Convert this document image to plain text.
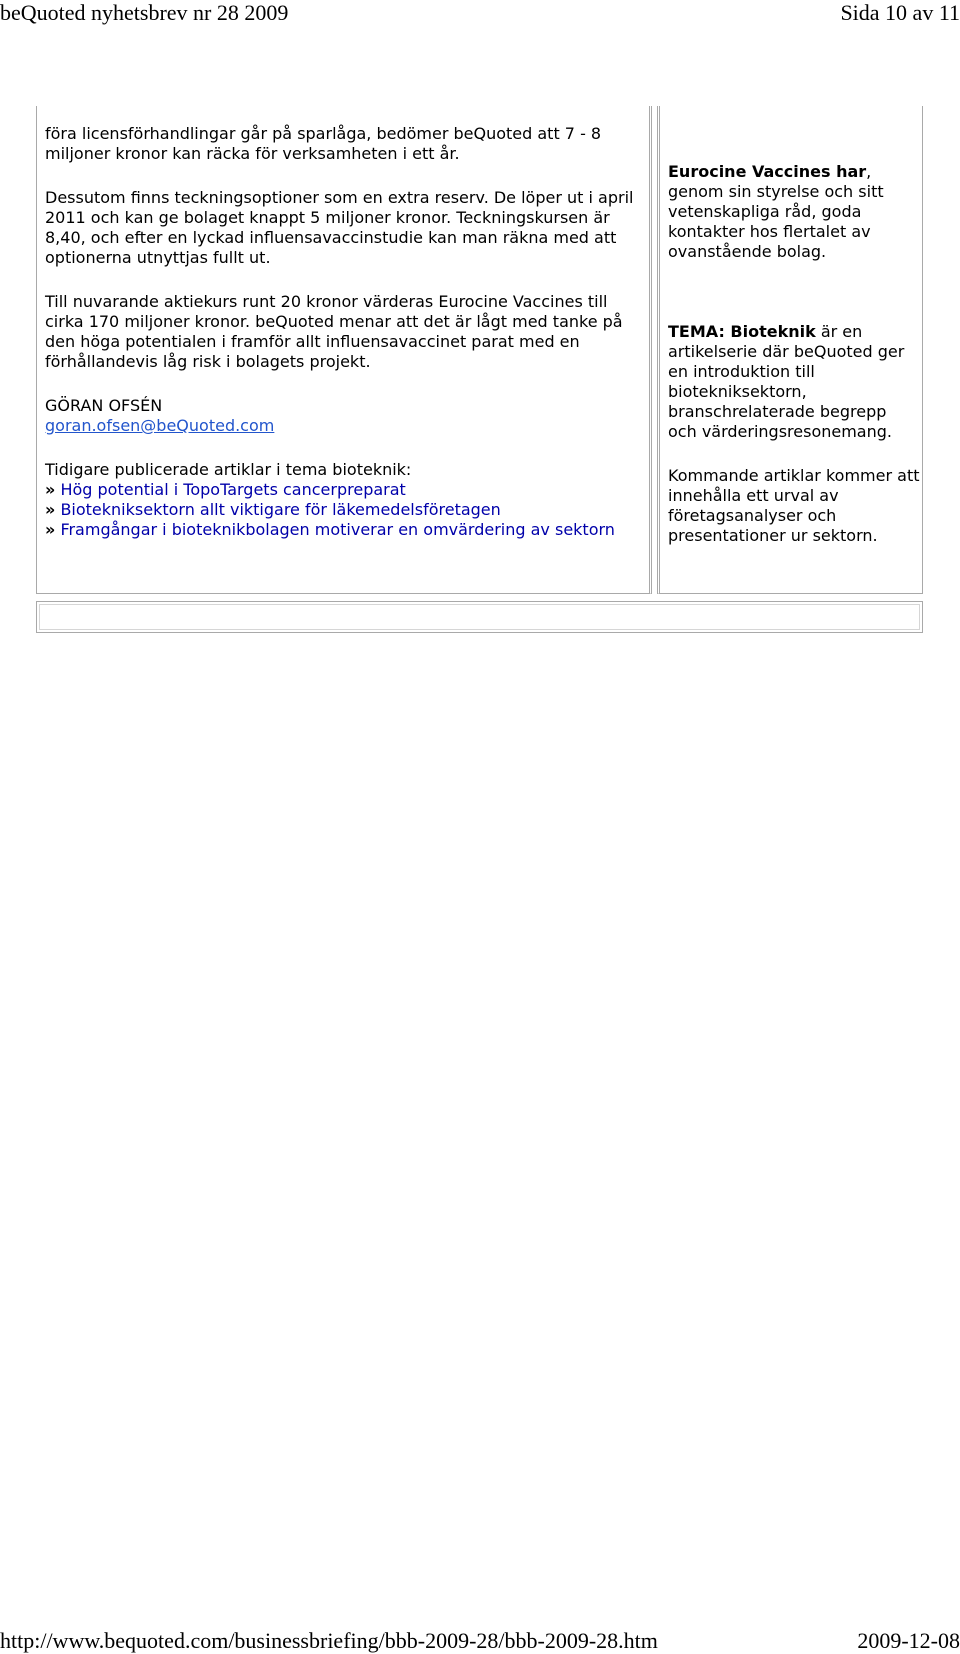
beQuoted nyhetsbrev nr 28 2009	Sida 10 av 11

föra licensförhandlingar går på sparlåga, bedömer beQuoted att 7 - 8 miljoner kronor kan räcka för verksamheten i ett år.

Dessutom finns teckningsoptioner som en extra reserv. De löper ut i april 2011 och kan ge bolaget knappt 5 miljoner kronor. Teckningskursen är 8,40, och efter en lyckad influensavaccinstudie kan man räkna med att optionerna utnyttjas fullt ut.

Till nuvarande aktiekurs runt 20 kronor värderas Eurocine Vaccines till cirka 170 miljoner kronor. beQuoted menar att det är lågt med tanke på den höga potentialen i framför allt influensavaccinet parat med en förhållandevis låg risk i bolagets projekt.

GÖRAN OFSÉN
goran.ofsen@beQuoted.com
Tidigare publicerade artiklar i tema bioteknik:
» Hög potential i TopoTargets cancerpreparat
» Biotekniksektorn allt viktigare för läkemedelsföretagen
» Framgångar i bioteknikbolagen motiverar en omvärdering av sektorn
Eurocine Vaccines har, genom sin styrelse och sitt vetenskapliga råd, goda kontakter hos flertalet av ovanstående bolag.
TEMA: Bioteknik är en artikelserie där beQuoted ger en introduktion till biotekniksektorn, branschrelaterade begrepp och värderingsresonemang.
Kommande artiklar kommer att innehålla ett urval av företagsanalyser och presentationer ur sektorn.
http://www.bequoted.com/businessbriefing/bbb-2009-28/bbb-2009-28.htm	2009-12-08
